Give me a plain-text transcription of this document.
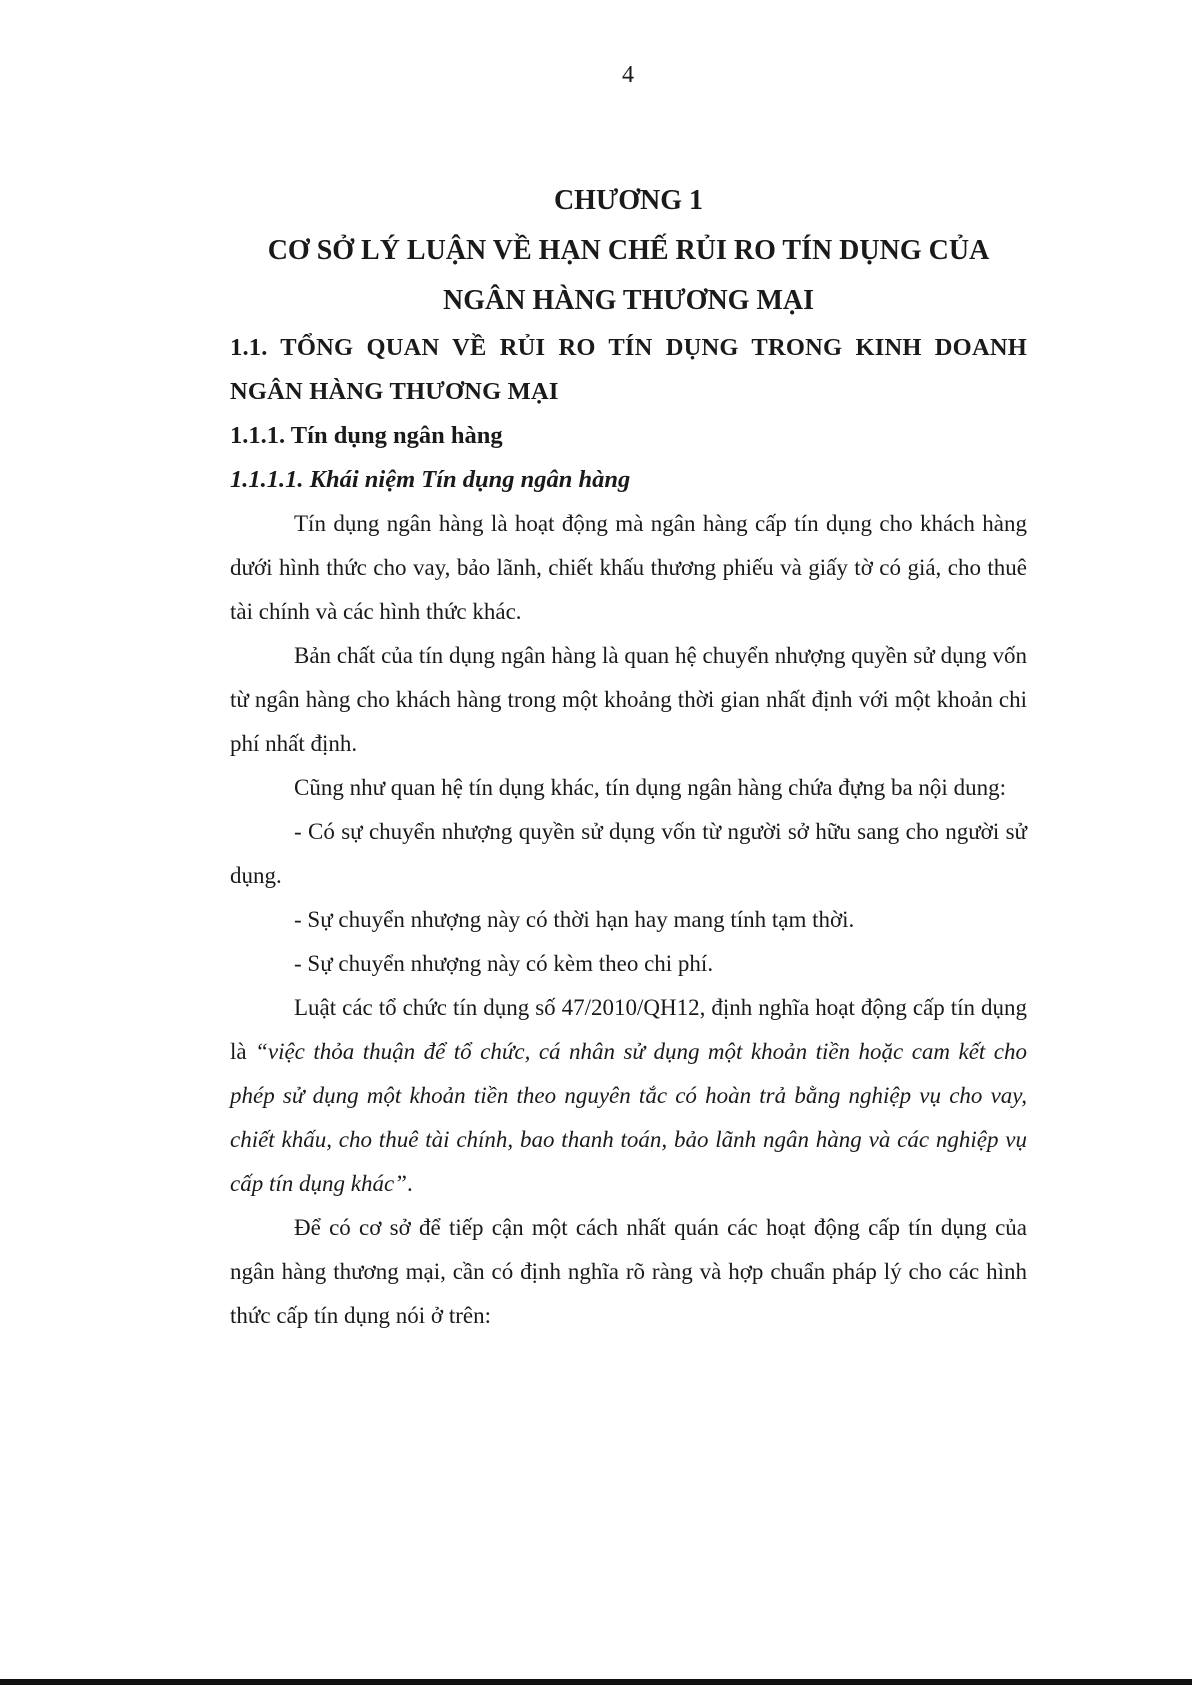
4
CHƯƠNG 1
CƠ SỞ LÝ LUẬN VỀ HẠN CHẾ RỦI RO TÍN DỤNG CỦA
NGÂN HÀNG THƯƠNG MẠI
1.1. TỔNG QUAN VỀ RỦI RO TÍN DỤNG TRONG KINH DOANH
NGÂN HÀNG THƯƠNG MẠI
1.1.1. Tín dụng ngân hàng
1.1.1.1. Khái niệm Tín dụng ngân hàng

Tín dụng ngân hàng là hoạt động mà ngân hàng cấp tín dụng cho khách hàng dưới hình thức cho vay, bảo lãnh, chiết khấu thương phiếu và giấy tờ có giá, cho thuê tài chính và các hình thức khác.

Bản chất của tín dụng ngân hàng là quan hệ chuyển nhượng quyền sử dụng vốn từ ngân hàng cho khách hàng trong một khoảng thời gian nhất định với một khoản chi phí nhất định.

Cũng như quan hệ tín dụng khác, tín dụng ngân hàng chứa đựng ba nội dung:

- Có sự chuyển nhượng quyền sử dụng vốn từ người sở hữu sang cho người sử dụng.

- Sự chuyển nhượng này có thời hạn hay mang tính tạm thời.

- Sự chuyển nhượng này có kèm theo chi phí.

Luật các tổ chức tín dụng số 47/2010/QH12, định nghĩa hoạt động cấp tín dụng là “việc thỏa thuận để tổ chức, cá nhân sử dụng một khoản tiền hoặc cam kết cho phép sử dụng một khoản tiền theo nguyên tắc có hoàn trả bằng nghiệp vụ cho vay, chiết khấu, cho thuê tài chính, bao thanh toán, bảo lãnh ngân hàng và các nghiệp vụ cấp tín dụng khác”.

Để có cơ sở để tiếp cận một cách nhất quán các hoạt động cấp tín dụng của ngân hàng thương mại, cần có định nghĩa rõ ràng và hợp chuẩn pháp lý cho các hình thức cấp tín dụng nói ở trên:
